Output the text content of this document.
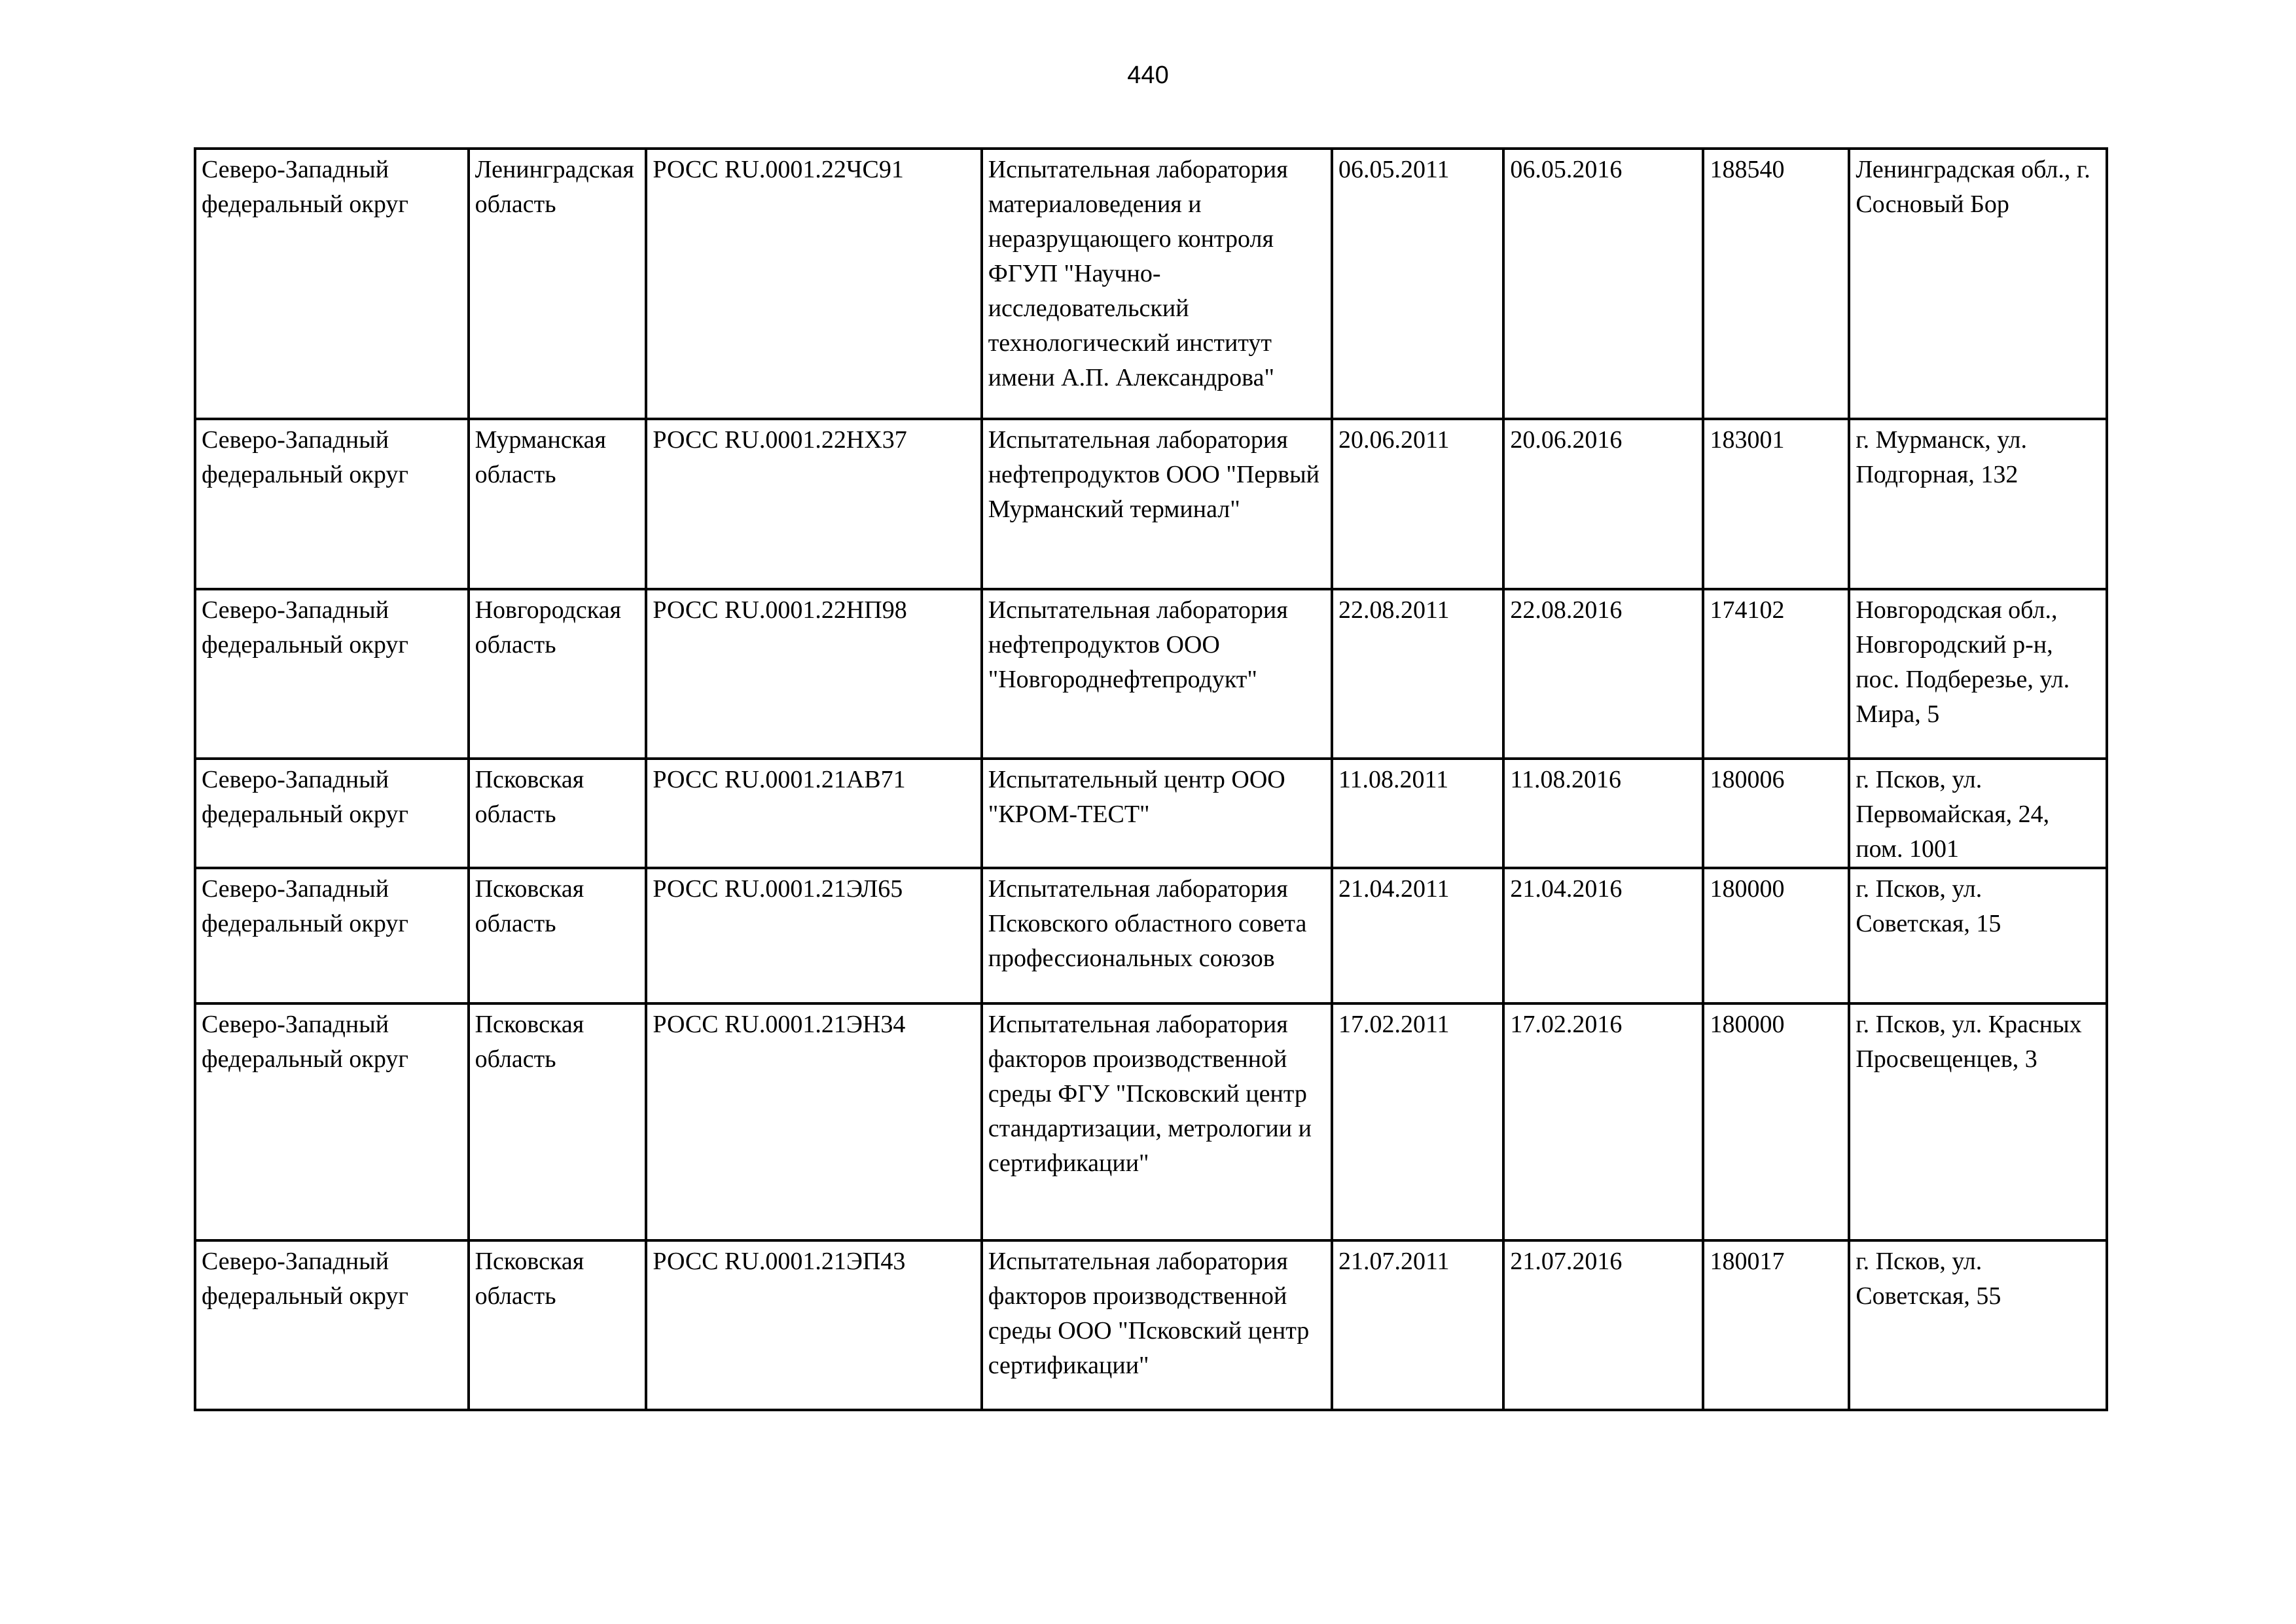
440
Северо-Западный федеральный округ	Ленинградская область	РОСС RU.0001.22ЧС91	Испытательная лаборатория материаловедения и неразрущающего контроля ФГУП "Научно-исследовательский технологический институт имени А.П. Александрова"	06.05.2011	06.05.2016	188540	Ленинградская обл., г. Сосновый Бор
Северо-Западный федеральный округ	Мурманская область	РОСС RU.0001.22НХ37	Испытательная лаборатория нефтепродуктов ООО "Первый Мурманский терминал"	20.06.2011	20.06.2016	183001	г. Мурманск, ул. Подгорная, 132
Северо-Западный федеральный округ	Новгородская область	РОСС RU.0001.22НП98	Испытательная лаборатория нефтепродуктов ООО "Новгороднефтепродукт"	22.08.2011	22.08.2016	174102	Новгородская обл., Новгородский р-н, пос. Подберезье, ул. Мира, 5
Северо-Западный федеральный округ	Псковская область	РОСС RU.0001.21АВ71	Испытательный центр ООО "КРОМ-ТЕСТ"	11.08.2011	11.08.2016	180006	г. Псков, ул. Первомайская, 24, пом. 1001
Северо-Западный федеральный округ	Псковская область	РОСС RU.0001.21ЭЛ65	Испытательная лаборатория Псковского областного совета профессиональных союзов	21.04.2011	21.04.2016	180000	г. Псков, ул. Советская, 15
Северо-Западный федеральный округ	Псковская область	РОСС RU.0001.21ЭН34	Испытательная лаборатория факторов производственной среды ФГУ "Псковский центр стандартизации, метрологии и сертификации"	17.02.2011	17.02.2016	180000	г. Псков, ул. Красных Просвещенцев, 3
Северо-Западный федеральный округ	Псковская область	РОСС RU.0001.21ЭП43	Испытательная лаборатория факторов производственной среды ООО "Псковский центр сертификации"	21.07.2011	21.07.2016	180017	г. Псков, ул. Советская, 55
